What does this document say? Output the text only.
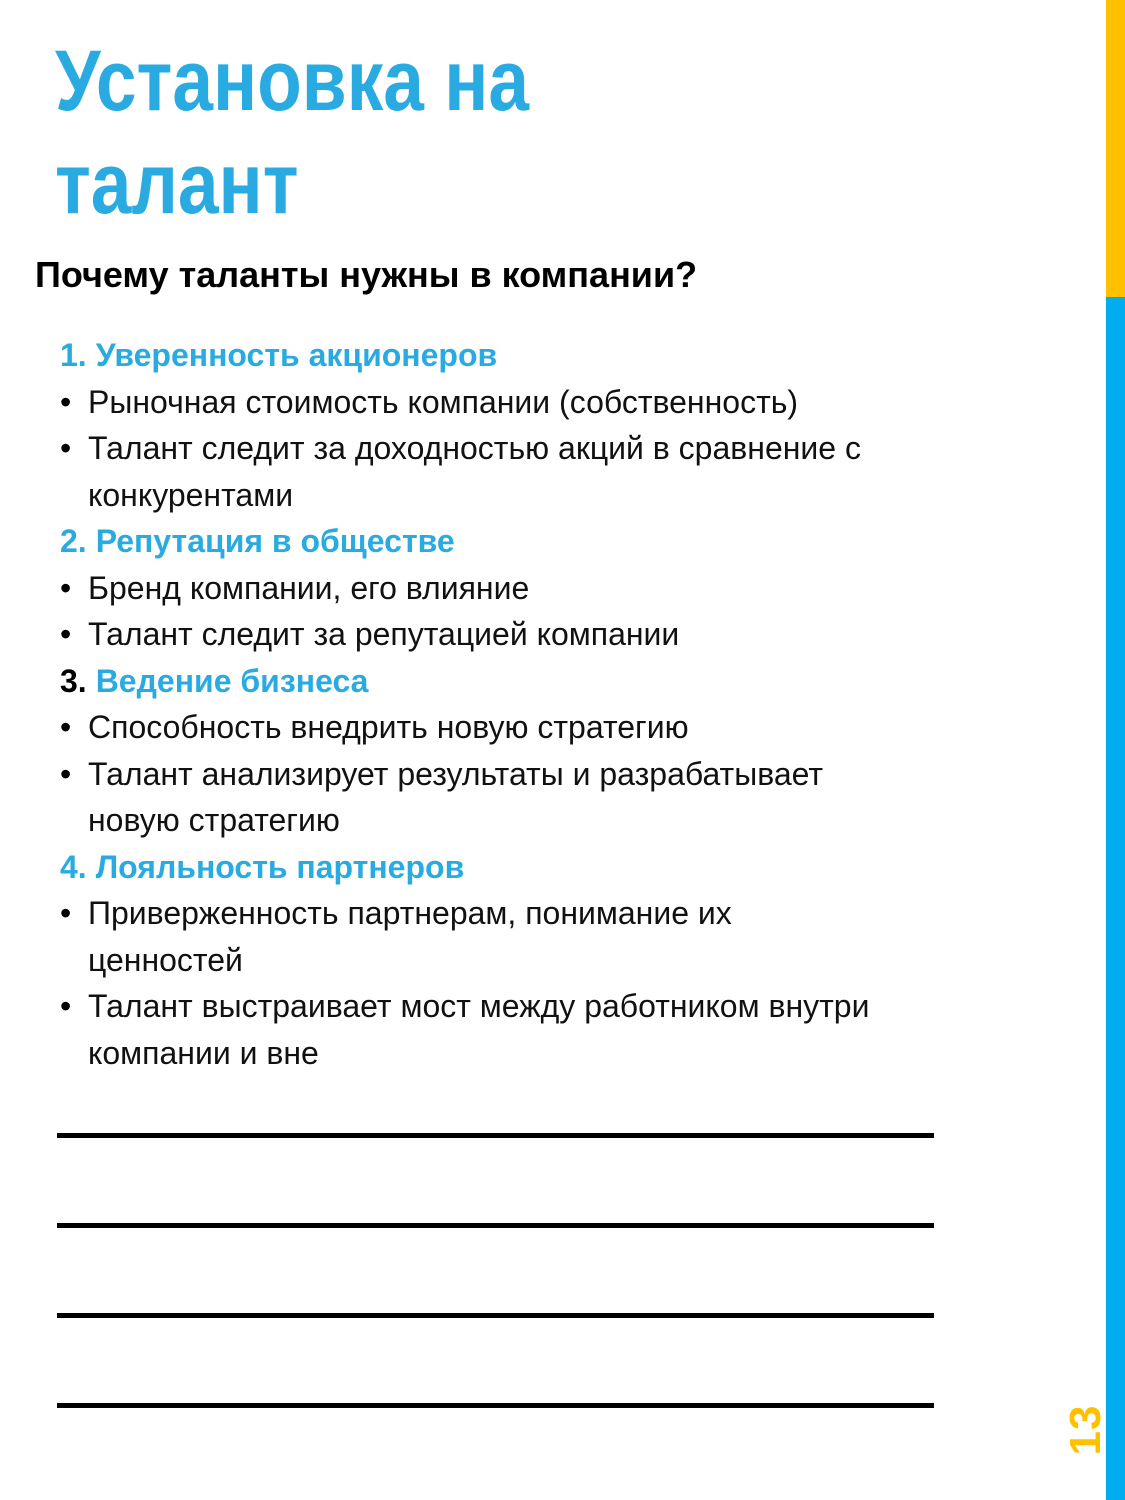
Установка на
талант
Почему таланты нужны в компании?
1. Уверенность акционеров
• Рыночная стоимость компании (собственность)
• Талант следит за доходностью акций в сравнение с
конкурентами
2. Репутация в обществе
• Бренд компании, его влияние
• Талант следит за репутацией компании
3. Ведение бизнеса
• Способность внедрить новую стратегию
• Талант анализирует результаты и разрабатывает
новую стратегию
4. Лояльность партнеров
• Приверженность партнерам, понимание их
ценностей
• Талант выстраивает мост между работником внутри
компании и вне
13
